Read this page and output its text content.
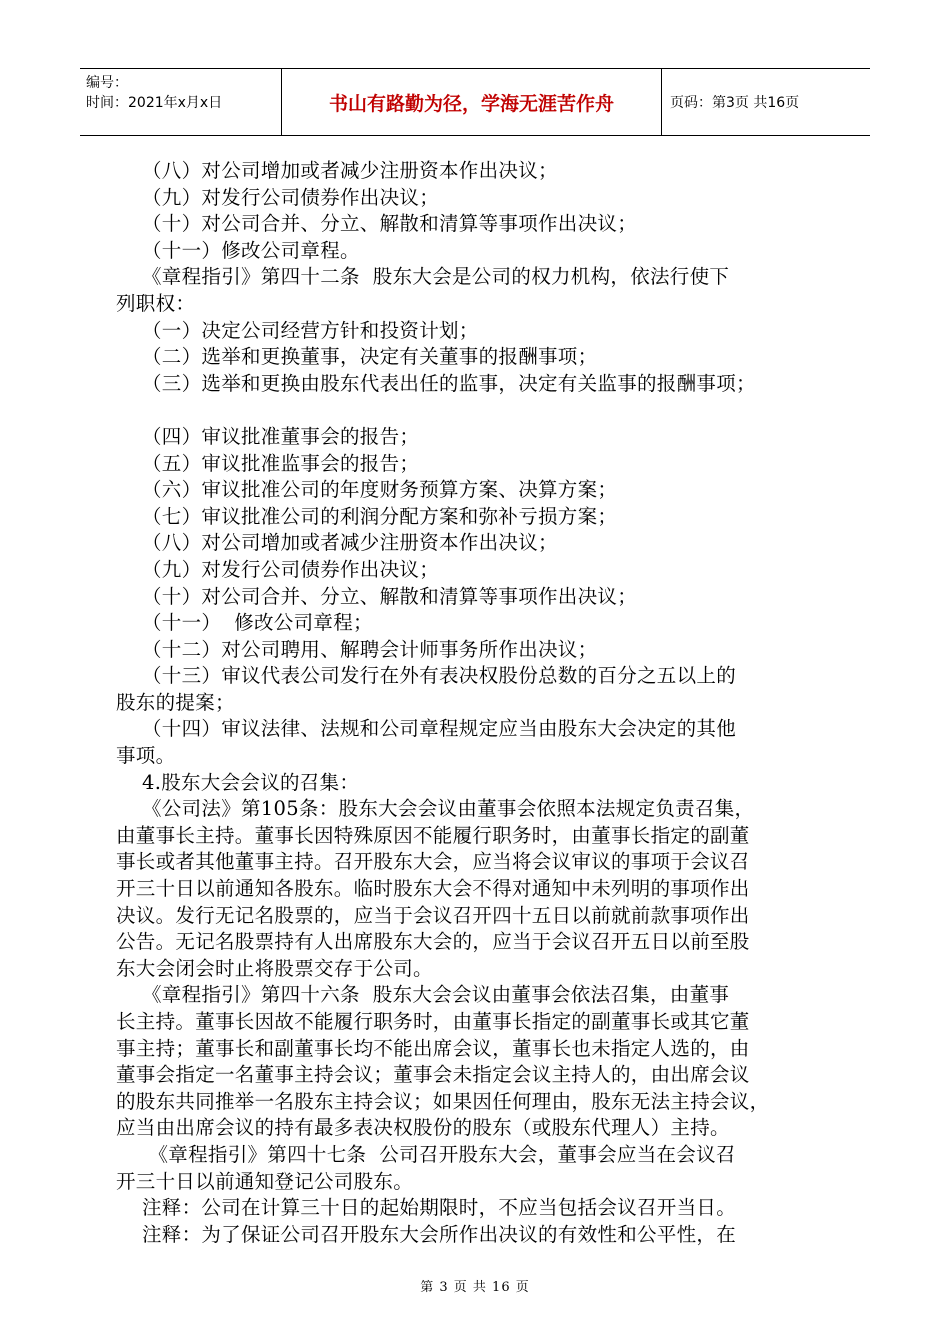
编号：
时间：2021年x月x日	书山有路勤为径，学海无涯苦作舟	页码：第3页 共16页
（八）对公司增加或者减少注册资本作出决议；
（九）对发行公司债券作出决议；
（十）对公司合并、分立、解散和清算等事项作出决议；
（十一）修改公司章程。
《章程指引》第四十二条  股东大会是公司的权力机构，依法行使下
列职权：
（一）决定公司经营方针和投资计划；
（二）选举和更换董事，决定有关董事的报酬事项；
（三）选举和更换由股东代表出任的监事，决定有关监事的报酬事项；
（四）审议批准董事会的报告；
（五）审议批准监事会的报告；
（六）审议批准公司的年度财务预算方案、决算方案；
（七）审议批准公司的利润分配方案和弥补亏损方案；
（八）对公司增加或者减少注册资本作出决议；
（九）对发行公司债券作出决议；
（十）对公司合并、分立、解散和清算等事项作出决议；
（十一）  修改公司章程；
（十二）对公司聘用、解聘会计师事务所作出决议；
（十三）审议代表公司发行在外有表决权股份总数的百分之五以上的
股东的提案；
（十四）审议法律、法规和公司章程规定应当由股东大会决定的其他
事项。
4.股东大会会议的召集：
《公司法》第105条：股东大会会议由董事会依照本法规定负责召集，
由董事长主持。董事长因特殊原因不能履行职务时，由董事长指定的副董
事长或者其他董事主持。召开股东大会，应当将会议审议的事项于会议召
开三十日以前通知各股东。临时股东大会不得对通知中未列明的事项作出
决议。发行无记名股票的，应当于会议召开四十五日以前就前款事项作出
公告。无记名股票持有人出席股东大会的，应当于会议召开五日以前至股
东大会闭会时止将股票交存于公司。
《章程指引》第四十六条  股东大会会议由董事会依法召集，由董事
长主持。董事长因故不能履行职务时，由董事长指定的副董事长或其它董
事主持；董事长和副董事长均不能出席会议，董事长也未指定人选的，由
董事会指定一名董事主持会议；董事会未指定会议主持人的，由出席会议
的股东共同推举一名股东主持会议；如果因任何理由，股东无法主持会议，
应当由出席会议的持有最多表决权股份的股东（或股东代理人）主持。
《章程指引》第四十七条  公司召开股东大会，董事会应当在会议召
开三十日以前通知登记公司股东。
注释：公司在计算三十日的起始期限时，不应当包括会议召开当日。
注释：为了保证公司召开股东大会所作出决议的有效性和公平性，在
第 3 页 共 16 页
